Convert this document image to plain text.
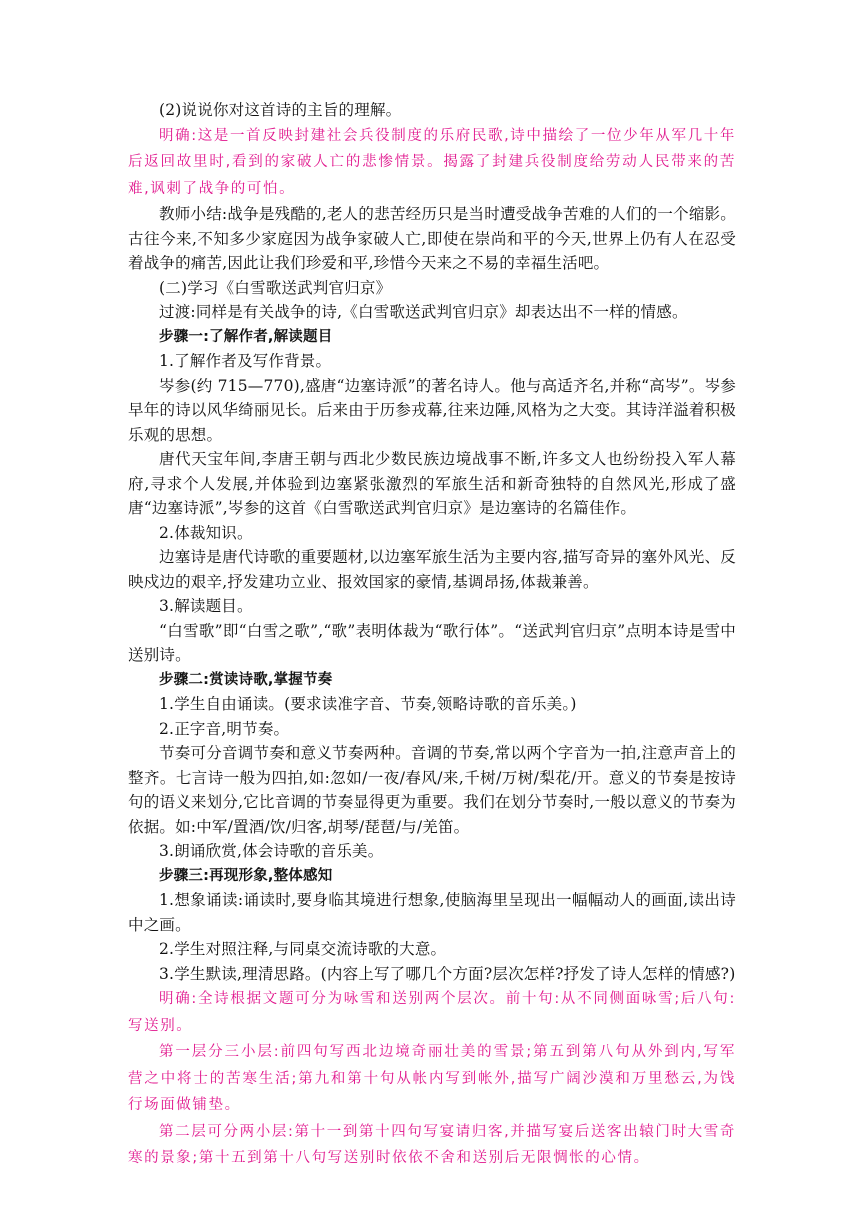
(2)说说你对这首诗的主旨的理解。

明确:这是一首反映封建社会兵役制度的乐府民歌,诗中描绘了一位少年从军几十年后返回故里时,看到的家破人亡的悲惨情景。揭露了封建兵役制度给劳动人民带来的苦难,讽刺了战争的可怕。

教师小结:战争是残酷的,老人的悲苦经历只是当时遭受战争苦难的人们的一个缩影。古往今来,不知多少家庭因为战争家破人亡,即使在崇尚和平的今天,世界上仍有人在忍受着战争的痛苦,因此让我们珍爱和平,珍惜今天来之不易的幸福生活吧。

(二)学习《白雪歌送武判官归京》

过渡:同样是有关战争的诗,《白雪歌送武判官归京》却表达出不一样的情感。

步骤一:了解作者,解读题目

1.了解作者及写作背景。

岑参(约 715—770),盛唐“边塞诗派”的著名诗人。他与高适齐名,并称“高岑”。岑参早年的诗以风华绮丽见长。后来由于历参戎幕,往来边陲,风格为之大变。其诗洋溢着积极乐观的思想。

唐代天宝年间,李唐王朝与西北少数民族边境战事不断,许多文人也纷纷投入军人幕府,寻求个人发展,并体验到边塞紧张激烈的军旅生活和新奇独特的自然风光,形成了盛唐“边塞诗派”,岑参的这首《白雪歌送武判官归京》是边塞诗的名篇佳作。

2.体裁知识。

边塞诗是唐代诗歌的重要题材,以边塞军旅生活为主要内容,描写奇异的塞外风光、反映戍边的艰辛,抒发建功立业、报效国家的豪情,基调昂扬,体裁兼善。

3.解读题目。

“白雪歌”即“白雪之歌”,“歌”表明体裁为“歌行体”。“送武判官归京”点明本诗是雪中送别诗。

步骤二:赏读诗歌,掌握节奏

1.学生自由诵读。(要求读准字音、节奏,领略诗歌的音乐美。)

2.正字音,明节奏。

节奏可分音调节奏和意义节奏两种。音调的节奏,常以两个字音为一拍,注意声音上的整齐。七言诗一般为四拍,如:忽如/一夜/春风/来,千树/万树/梨花/开。意义的节奏是按诗句的语义来划分,它比音调的节奏显得更为重要。我们在划分节奏时,一般以意义的节奏为依据。如:中军/置酒/饮/归客,胡琴/琵琶/与/羌笛。

3.朗诵欣赏,体会诗歌的音乐美。

步骤三:再现形象,整体感知

1.想象诵读:诵读时,要身临其境进行想象,使脑海里呈现出一幅幅动人的画面,读出诗中之画。

2.学生对照注释,与同桌交流诗歌的大意。

3.学生默读,理清思路。(内容上写了哪几个方面?层次怎样?抒发了诗人怎样的情感?)

明确:全诗根据文题可分为咏雪和送别两个层次。前十句:从不同侧面咏雪;后八句:写送别。

第一层分三小层:前四句写西北边境奇丽壮美的雪景;第五到第八句从外到内,写军营之中将士的苦寒生活;第九和第十句从帐内写到帐外,描写广阔沙漠和万里愁云,为饯行场面做铺垫。

第二层可分两小层:第十一到第十四句写宴请归客,并描写宴后送客出辕门时大雪奇寒的景象;第十五到第十八句写送别时依依不舍和送别后无限惆怅的心情。
